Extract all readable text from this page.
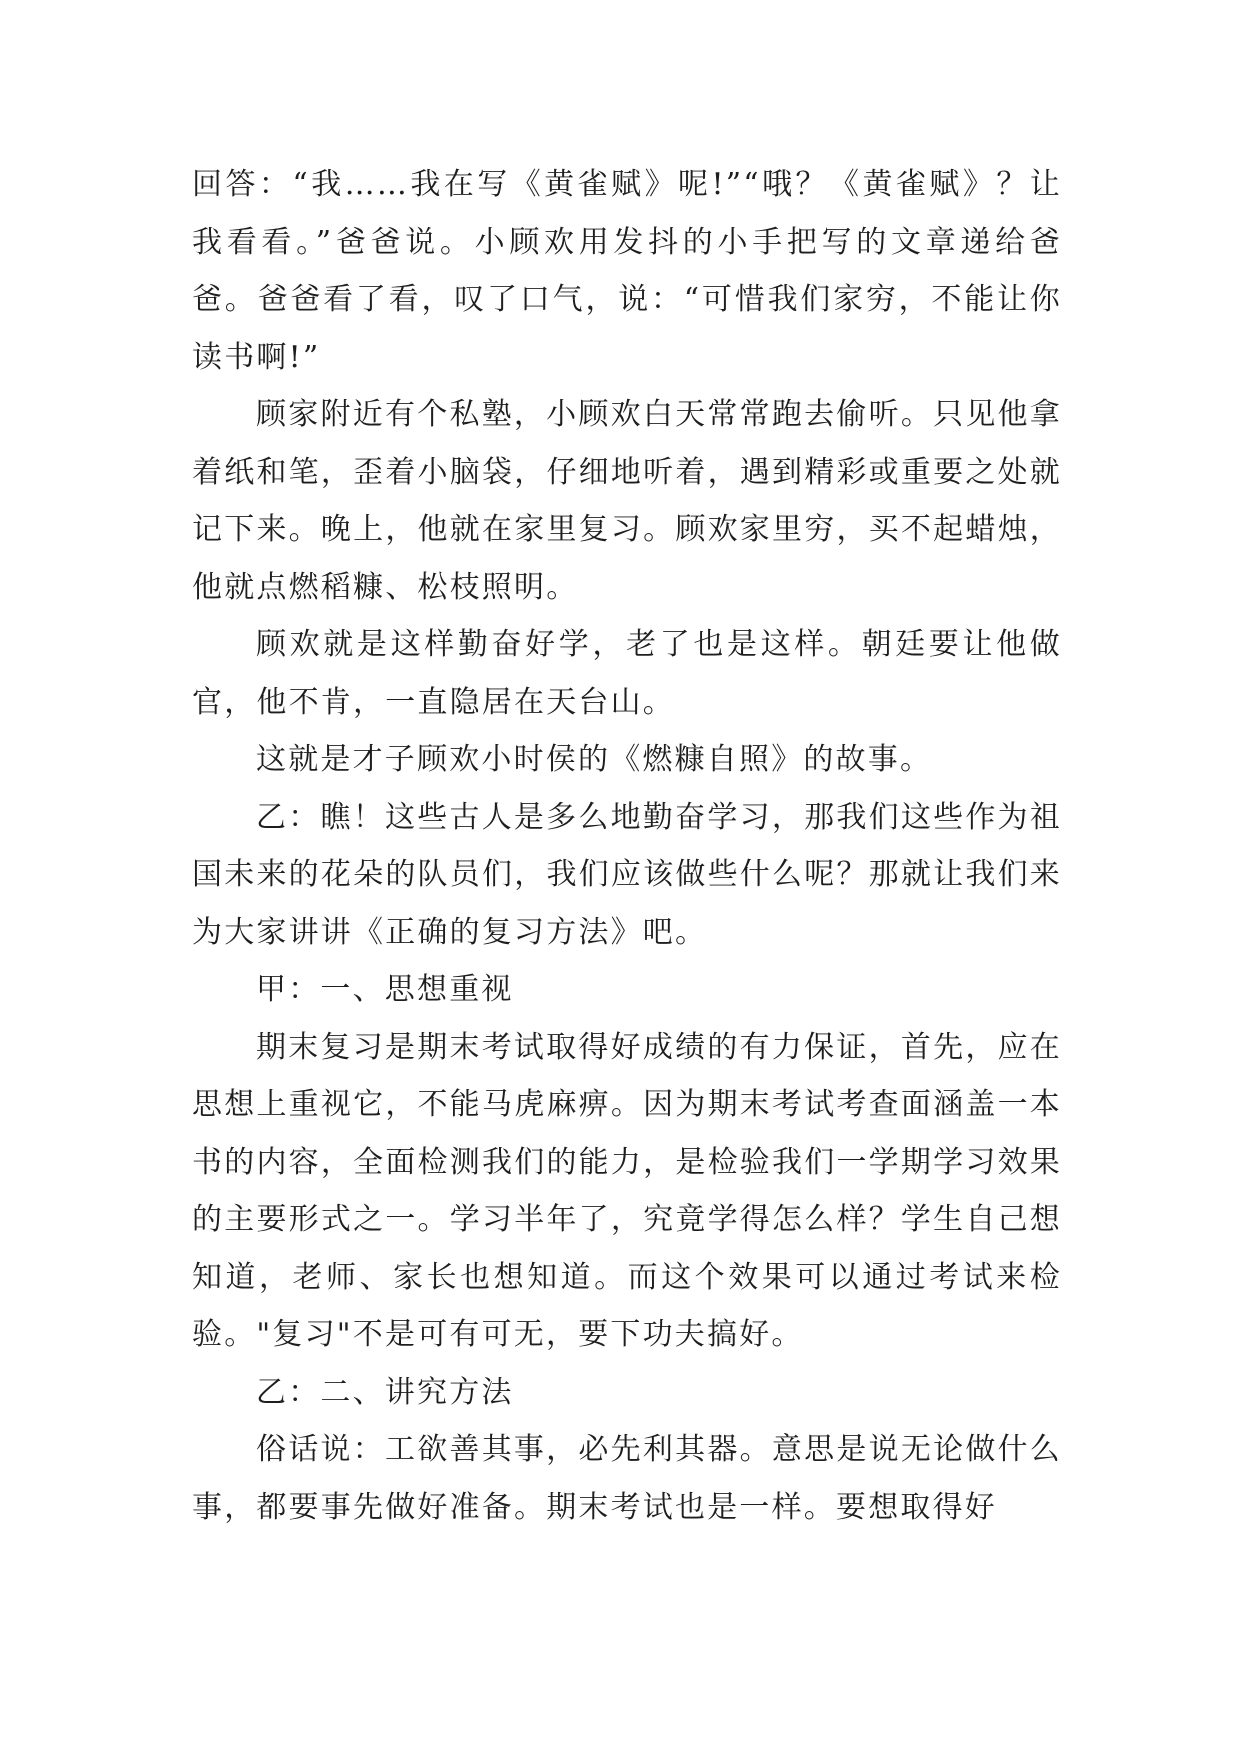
回答：“我……我在写《黄雀赋》呢!”“哦？《黄雀赋》？让我看看。”爸爸说。小顾欢用发抖的小手把写的文章递给爸爸。爸爸看了看，叹了口气，说：“可惜我们家穷，不能让你读书啊!”

顾家附近有个私塾，小顾欢白天常常跑去偷听。只见他拿着纸和笔，歪着小脑袋，仔细地听着，遇到精彩或重要之处就记下来。晚上，他就在家里复习。顾欢家里穷，买不起蜡烛，他就点燃稻糠、松枝照明。

顾欢就是这样勤奋好学，老了也是这样。朝廷要让他做官，他不肯，一直隐居在天台山。

这就是才子顾欢小时侯的《燃糠自照》的故事。

乙：瞧！这些古人是多么地勤奋学习，那我们这些作为祖国未来的花朵的队员们，我们应该做些什么呢？那就让我们来为大家讲讲《正确的复习方法》吧。

甲：一、思想重视

期末复习是期末考试取得好成绩的有力保证，首先，应在思想上重视它，不能马虎麻痹。因为期末考试考查面涵盖一本书的内容，全面检测我们的能力，是检验我们一学期学习效果的主要形式之一。学习半年了，究竟学得怎么样？学生自己想知道，老师、家长也想知道。而这个效果可以通过考试来检验。"复习"不是可有可无，要下功夫搞好。

乙：二、讲究方法

俗话说：工欲善其事，必先利其器。意思是说无论做什么事，都要事先做好准备。期末考试也是一样。要想取得好
